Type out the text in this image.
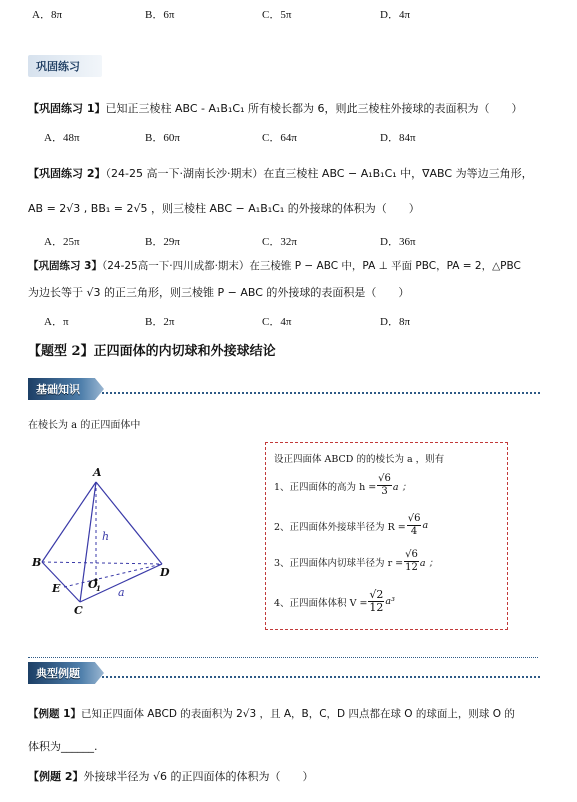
A．8π	B．6π	C．5π	D．4π
巩固练习
【巩固练习 1】已知正三棱柱 ABC - A₁B₁C₁ 所有棱长都为 6，则此三棱柱外接球的表面积为（　　）
A．48π	B．60π	C．64π	D．84π
【巩固练习 2】（24-25 高一下·湖南长沙·期末）在直三棱柱 ABC − A₁B₁C₁ 中，∇ABC 为等边三角形，
AB = 2√3 , BB₁ = 2√5 ，则三棱柱 ABC − A₁B₁C₁ 的外接球的体积为（　　）
A．25π	B．29π	C．32π	D．36π
【巩固练习 3】（24-25高一下·四川成都·期末）在三棱锥 P − ABC 中，PA ⊥ 平面 PBC，PA = 2，△PBC
为边长等于 √3 的正三角形，则三棱锥 P − ABC 的外接球的表面积是（　　）
A．π	B．2π	C．4π	D．8π
【题型 2】正四面体的内切球和外接球结论
基础知识
在棱长为 a 的正四面体中
A
B
C
D
E	O
1
h
a
设正四面体 ABCD 的的棱长为 a ，则有
1、正四面体的高为 $h = \frac{√6}{3}$ a ；
2、正四面体外接球半径为 $R = \frac{√6}{4}$ a
3、正四面体内切球半径为 $r = \frac{√6}{12}$ a ；
4、正四面体体积 $V = \frac{√2}{12} a^3$
典型例题
【例题 1】已知正四面体 ABCD 的表面积为 2√3 ，且 A，B，C，D 四点都在球 O 的球面上，则球 O 的
体积为______.
【例题 2】外接球半径为 √6 的正四面体的体积为（　　）
